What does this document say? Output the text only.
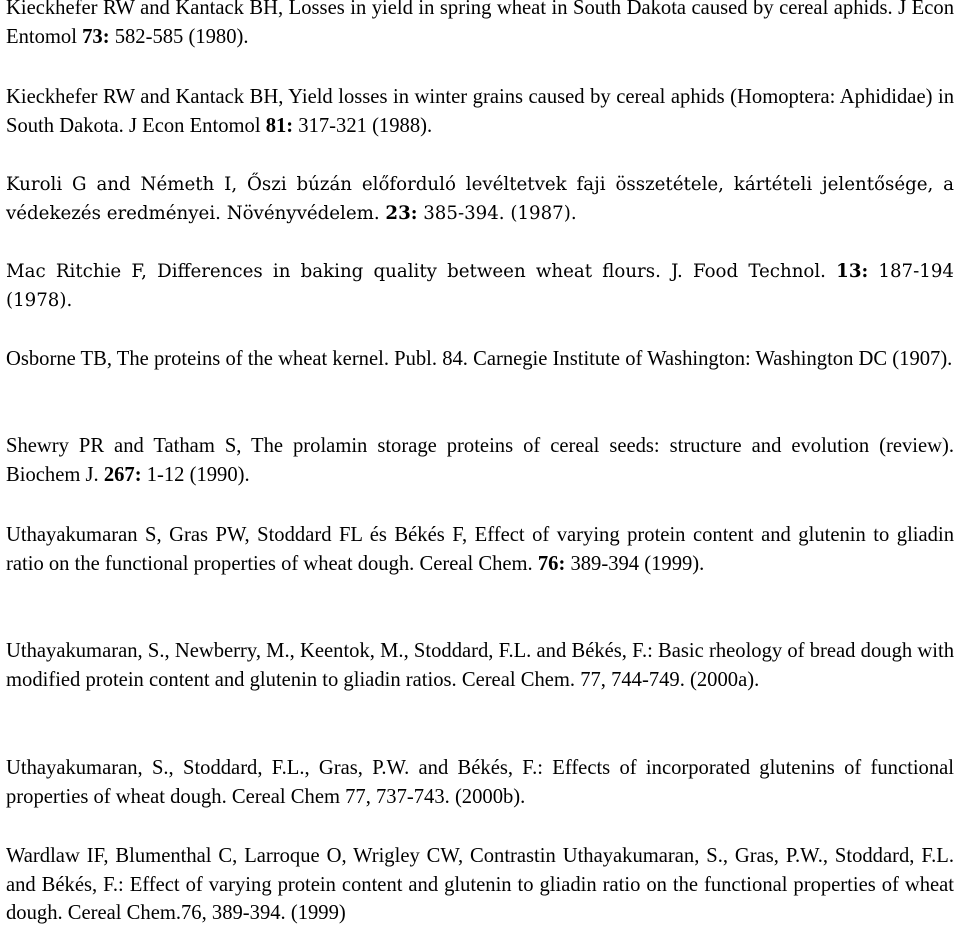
Kieckhefer RW and Kantack BH, Losses in yield in spring wheat in South Dakota caused by cereal aphids. J Econ Entomol 73: 582-585 (1980).

Kieckhefer RW and Kantack BH, Yield losses in winter grains caused by cereal aphids (Homoptera: Aphididae) in South Dakota. J Econ Entomol 81: 317-321 (1988).

Kuroli G and Németh I, Őszi búzán előforduló levéltetvek faji összetétele, kártételi jelentősége, a védekezés eredményei. Növényvédelem. 23: 385-394. (1987).

Mac Ritchie F, Differences in baking quality between wheat flours. J. Food Technol. 13: 187-194 (1978).

Osborne TB, The proteins of the wheat kernel. Publ. 84. Carnegie Institute of Washington: Washington DC (1907).

Shewry PR and Tatham S, The prolamin storage proteins of cereal seeds: structure and evolution (review). Biochem J. 267: 1-12 (1990).

Uthayakumaran S, Gras PW, Stoddard FL és Békés F, Effect of varying protein content and glutenin to gliadin ratio on the functional properties of wheat dough. Cereal Chem. 76: 389-394 (1999).

Uthayakumaran, S., Newberry, M., Keentok, M., Stoddard, F.L. and Békés, F.: Basic rheology of bread dough with modified protein content and glutenin to gliadin ratios. Cereal Chem. 77, 744-749. (2000a).

Uthayakumaran, S., Stoddard, F.L., Gras, P.W. and Békés, F.: Effects of incorporated glutenins of functional properties of wheat dough. Cereal Chem 77, 737-743. (2000b).

Wardlaw IF, Blumenthal C, Larroque O, Wrigley CW, Contrastin Uthayakumaran, S., Gras, P.W., Stoddard, F.L. and Békés, F.: Effect of varying protein content and glutenin to gliadin ratio on the functional properties of wheat dough. Cereal Chem.76, 389-394. (1999)
